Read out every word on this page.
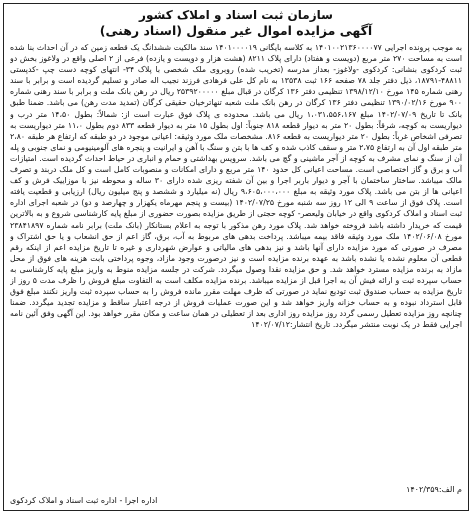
سازمان ثبت اسناد و املاک کشور

آگهی مزایده اموال غیر منقول (اسناد رهنی)

به موجب پرونده اجرایی ۱۴۰۱۰۰۲۱۳۶۰۰۰۰۷۷ به کلاسه بایگانی ۱۴۰۱۰۰۰۰۱۹ سند مالکیت ششدانگ یک قطعه زمین که در آن احداث بنا شده است به مساحت ۲۷۰ متر مربع (دویست و هفتاد) دارای پلاک ۸۲۱۱ (هشت هزار و دویست و یازده) فرعی از ۲ اصلی واقع در ولاغوز بخش دو ثبت کردکوی بنشانی: کردکوی -ولاغوز- بعداز مدرسه (تخریب شده) روبروی ملک شخصی با پلاک ۳۴- انتهای کوچه دست چپ -کدپستی ۴۸۸۱۱-۱۸۷۹۱، ذیل دفتر جلد ۷۸ صفحه ۱۶۶ ثبت ۱۳۵۳۸ به نام کل علی فرهادی فرزند نجیب اله صادر و تسلیم گردیده است و برابر با سند رهنی شماره ۱۴۵ مورخ ۱۳۹۸/۱۲/۱۰ تنظیمی دفتر ۱۳۶ کرگان در قبال مبلغ ۲۵۳۹۲۰۰۰۰۰ ریال در رهن بانک ملت و برابر با سند رهنی شماره ۹۰۰ مورخ ۱۳۹۰/۰۲/۱۶ تنظیمی دفتر ۱۳۶ کرگان در رهن بانک ملت شعبه تنهاترخیان حقیقی کرگان (تمدید مدت رهن) می باشد. ضمنا طبق بانک تا تاریخ ۱۴۰۲/۰۷/۰۹ مبلغ ۱،۰۳۱،۵۵۶،۱۶۷ ریال می باشد. محدوده ی پلاک فوق عبارت است از: شمالاً: بطول ۱۴،۵۰ متر درب و دیواریست به کوچه، شرقاً: بطول ۲۰ متر به دیوار قطعه ۸۱۸ جنوباً: اول بطول ۱۵ متر به دیوار قطعه ۸۳۳ دوم بطول ۱۱،۰ متر دیواریست به تصرفی اشخاص غرباً: بطول ۲۰ متر دیواریست به قطعه ۸۱۶. مشخصات ملک مورد وثیقه: اعیانی موجود در دو طبقه که ارتفاع هر طبقه ۲،۸۰ متر طبقه اول آن به ارتفاع ۲،۷۵ متر و سقف کاذب شده و کف ها با بتن و سنگ با آهن و ایرانیت و پنجره های آلومینیومی و نمای جنوبی و پله آن از سنگ و نمای مشرف به کوچه از آجر ماشینی و گچ می باشد. سرویس بهداشتی و حمام و انباری در حیاط احداث گردیده است. امتیازات آب و برق و گاز اختصاصی است. مساحت اعیانی کل حدود ۱۴۰ متر مربع و دارای امکانات و منصوبات کامل است و کل ملک دربند و تصرف مالک میباشد. ساختار ساختمان با آجر و دیوار باربر اجرا و بین آن شفته ریزی شده دارای ۳۰ ساله و محوطه نیز با موزاییک فرش و کف اعیانی ها از بتن می باشد. پلاک مورد وثیقه به مبلغ ۹،۶۰۵،۰۰۰،۰۰۰ ریال (نه میلیارد و ششصد و پنج میلیون ریال) ارزیابی و قطعیت یافته است. پلاک فوق از ساعت ۹ الی ۱۲ روز سه شنبه مورخ ۱۴۰۲/۰۷/۲۵ (بیست و پنجم مهرماه یکهزار و چهارصد و دو) در شعبه اجرای اداره ثبت اسناد و املاک کردکوی واقع در خیابان ولیعصر- کوچه حجتی از طریق مزایده بصورت حضوری از مبلغ پایه کارشناسی شروع و به بالاترین قیمت که خریدار داشته باشد فروخته خواهد شد. پلاک مورد رهن مذکور با توجه به اعلام بستانکار (بانک ملت) برابر نامه شماره ۲۳۸۴۱۸۹۷ مورخ ۱۴۰۲/۰۶/۰۸ ملک مورد وثیقه فاقد بیمه میباشد. پرداخت بدهی های مربوط به آب، برق، گاز اعم از حق انشعاب و یا حق اشتراک و مصرف در صورتی که مورد مزایده دارای آنها باشد و نیز بدهی های مالیاتی و عوارض شهرداری و غیره تا تاریخ مزایده اعم از اینکه رقم قطعی آن معلوم نشده یا نشده باشد به عهده برنده مزایده است و نیز درصورت وجود مازاد، وجوه پرداختی بابت هزینه های فوق از محل مازاد به برنده مزایده مسترد خواهد شد. و حق مزایده نقدا وصول میگردد. شرکت در جلسه مزایده منوط به واریز مبلغ پایه کارشناسی به حساب سپرده ثبت و ارائه فیش آن به اجرا قبل از مزایده میباشد. برنده مزایده مکلف است به التفاوت مبلغ فروش را ظرف مدت ۵ روز از تاریخ مزایده به حساب صندوق ثبت تودیع نماید در صورتی که ظرف مهلت مقرر مانده فروش را به حساب سپرده ثبت واریز نکنند مبلغ فوق قابل استرداد نبوده و به حساب خزانه واریز خواهد شد و این صورت عملیات فروش از درجه اعتبار ساقط و مزایده تجدید میگردد. ضمنا چنانچه روز مزایده تعطیل رسمی گردد روز مزایده روز اداری بعد از تعطیلی در همان ساعت و مکان مقرر خواهد بود. این آگهی وفق آئین نامه اجرایی فقط در یک نوبت منتشر میگردد. تاریخ انتشار:۱۴۰۲/۰۷/۱۲

م الف:۱۴۰۲/۳۵۹

اداره اجرا - اداره ثبت اسناد و املاک کردکوی
